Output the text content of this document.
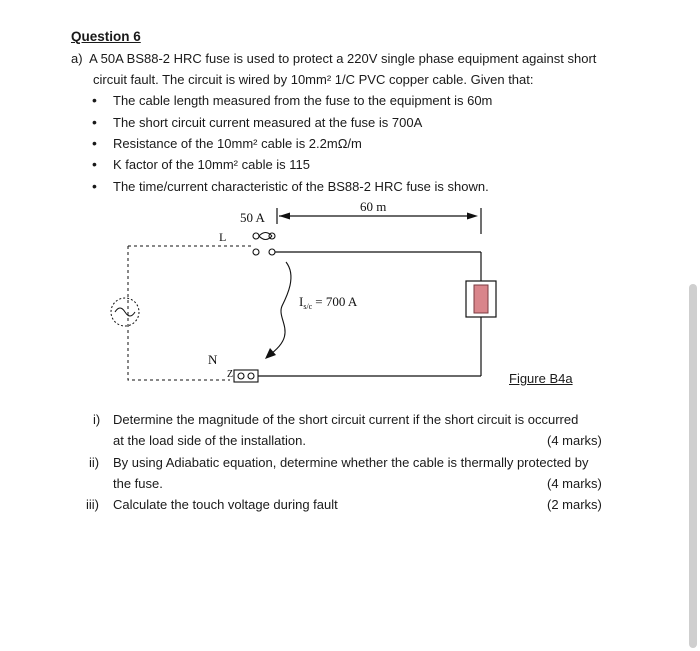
Question 6
a) A 50A BS88-2 HRC fuse is used to protect a 220V single phase equipment against short
circuit fault. The circuit is wired by 10mm² 1/C PVC copper cable. Given that:
• The cable length measured from the fuse to the equipment is 60m
• The short circuit current measured at the fuse is 700A
• Resistance of the 10mm² cable is 2.2mΩ/m
• K factor of the 10mm² cable is 115
• The time/current characteristic of the BS88-2 HRC fuse is shown.
60 m
50 A
L
$I_{s/c} = 700$ A
N
Z	Figure B4a
i) Determine the magnitude of the short circuit current if the short circuit is occurred
at the load side of the installation.	(4 marks)
ii) By using Adiabatic equation, determine whether the cable is thermally protected by
the fuse.	(4 marks)
iii) Calculate the touch voltage during fault	(2 marks)
